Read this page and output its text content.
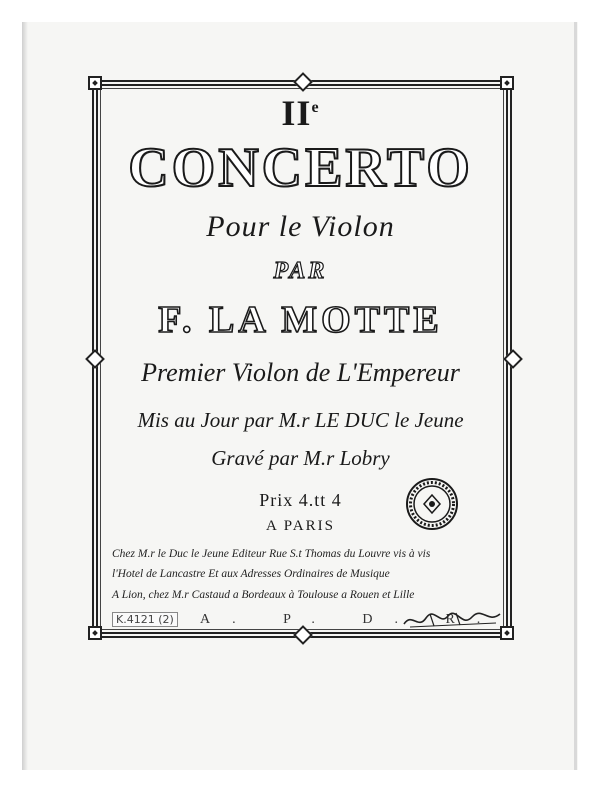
IIe
CONCERTO
Pour le Violon
PAR
F. LA MOTTE
Premier Violon de L'Empereur
Mis au Jour par M.r LE DUC le Jeune
Gravé par M.r Lobry
Prix 4.tt 4
A PARIS
Chez M.r le Duc le Jeune Editeur Rue S.t Thomas du Louvre vis à vis
l'Hotel de Lancastre Et aux Adresses Ordinaires de Musique
A Lion, chez M.r Castaud a Bordeaux à Toulouse a Rouen et Lille
K.4121 (2) A. P. D. R.
